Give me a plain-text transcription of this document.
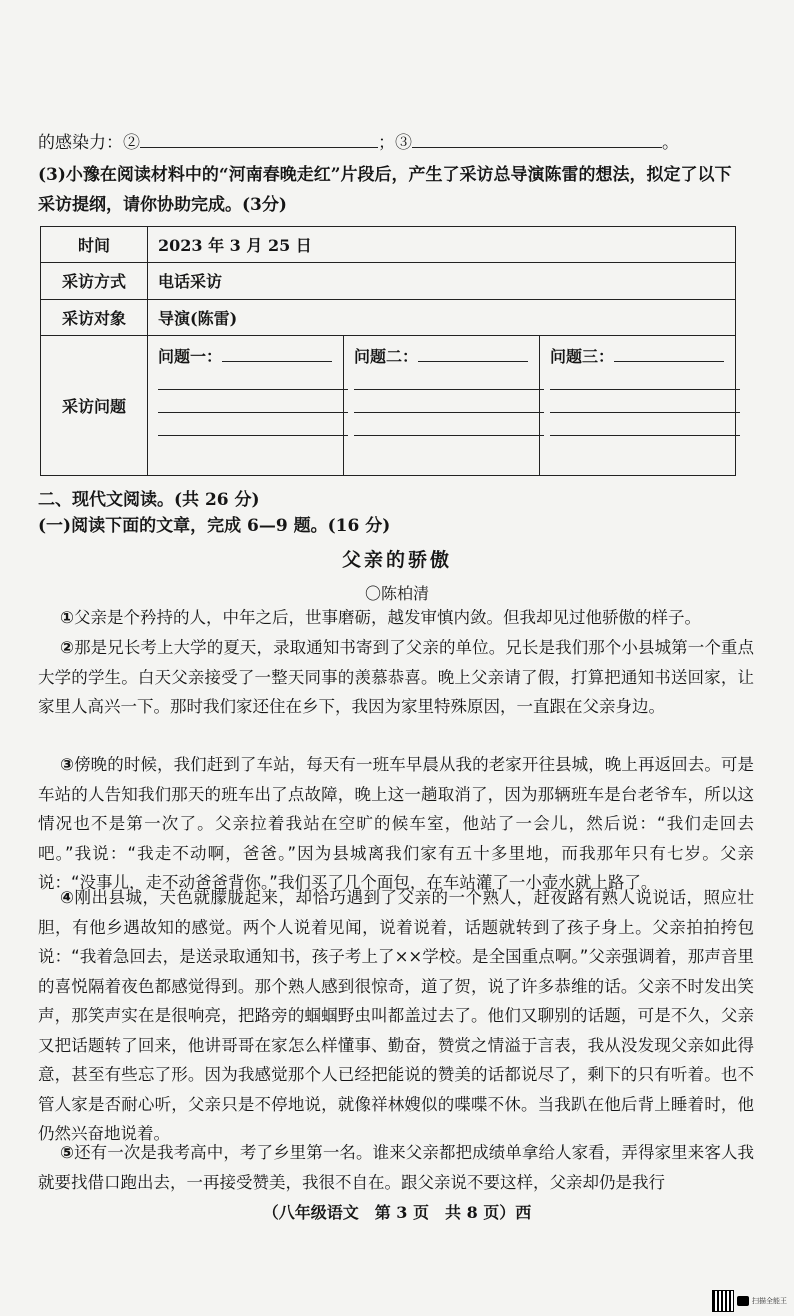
的感染力：②	；③	。
(3)小豫在阅读材料中的“河南春晚走红”片段后，产生了采访总导演陈雷的想法，拟定了以下
采访提纲，请你协助完成。(3分)
时间	2023 年 3 月 25 日		
采访方式	电话采访		
采访对象	导演(陈雷)		
采访问题	问题一：	问题二：	问题三：
二、现代文阅读。(共 26 分)
(一)阅读下面的文章，完成 6—9 题。(16 分)
父亲的骄傲
〇陈柏清
①父亲是个矜持的人，中年之后，世事磨砺，越发审慎内敛。但我却见过他骄傲的样子。
②那是兄长考上大学的夏天，录取通知书寄到了父亲的单位。兄长是我们那个小县城第一个重点大学的学生。白天父亲接受了一整天同事的羡慕恭喜。晚上父亲请了假，打算把通知书送回家，让家里人高兴一下。那时我们家还住在乡下，我因为家里特殊原因，一直跟在父亲身边。
③傍晚的时候，我们赶到了车站，每天有一班车早晨从我的老家开往县城，晚上再返回去。可是车站的人告知我们那天的班车出了点故障，晚上这一趟取消了，因为那辆班车是台老爷车，所以这情况也不是第一次了。父亲拉着我站在空旷的候车室，他站了一会儿，然后说：“我们走回去吧。”我说：“我走不动啊，爸爸。”因为县城离我们家有五十多里地，而我那年只有七岁。父亲说：“没事儿，走不动爸爸背你。”我们买了几个面包，在车站灌了一小壶水就上路了。
④刚出县城，天色就朦胧起来，却恰巧遇到了父亲的一个熟人，赶夜路有熟人说说话，照应壮胆，有他乡遇故知的感觉。两个人说着见闻，说着说着，话题就转到了孩子身上。父亲拍拍挎包说：“我着急回去，是送录取通知书，孩子考上了××学校。是全国重点啊。”父亲强调着，那声音里的喜悦隔着夜色都感觉得到。那个熟人感到很惊奇，道了贺，说了许多恭维的话。父亲不时发出笑声，那笑声实在是很响亮，把路旁的蝈蝈野虫叫都盖过去了。他们又聊别的话题，可是不久，父亲又把话题转了回来，他讲哥哥在家怎么样懂事、勤奋，赞赏之情溢于言表，我从没发现父亲如此得意，甚至有些忘了形。因为我感觉那个人已经把能说的赞美的话都说尽了，剩下的只有听着。也不管人家是否耐心听，父亲只是不停地说，就像祥林嫂似的喋喋不休。当我趴在他后背上睡着时，他仍然兴奋地说着。
⑤还有一次是我考高中，考了乡里第一名。谁来父亲都把成绩单拿给人家看，弄得家里来客人我就要找借口跑出去，一再接受赞美，我很不自在。跟父亲说不要这样，父亲却仍是我行
（八年级语文　第 3 页　共 8 页）西
扫描全能王
